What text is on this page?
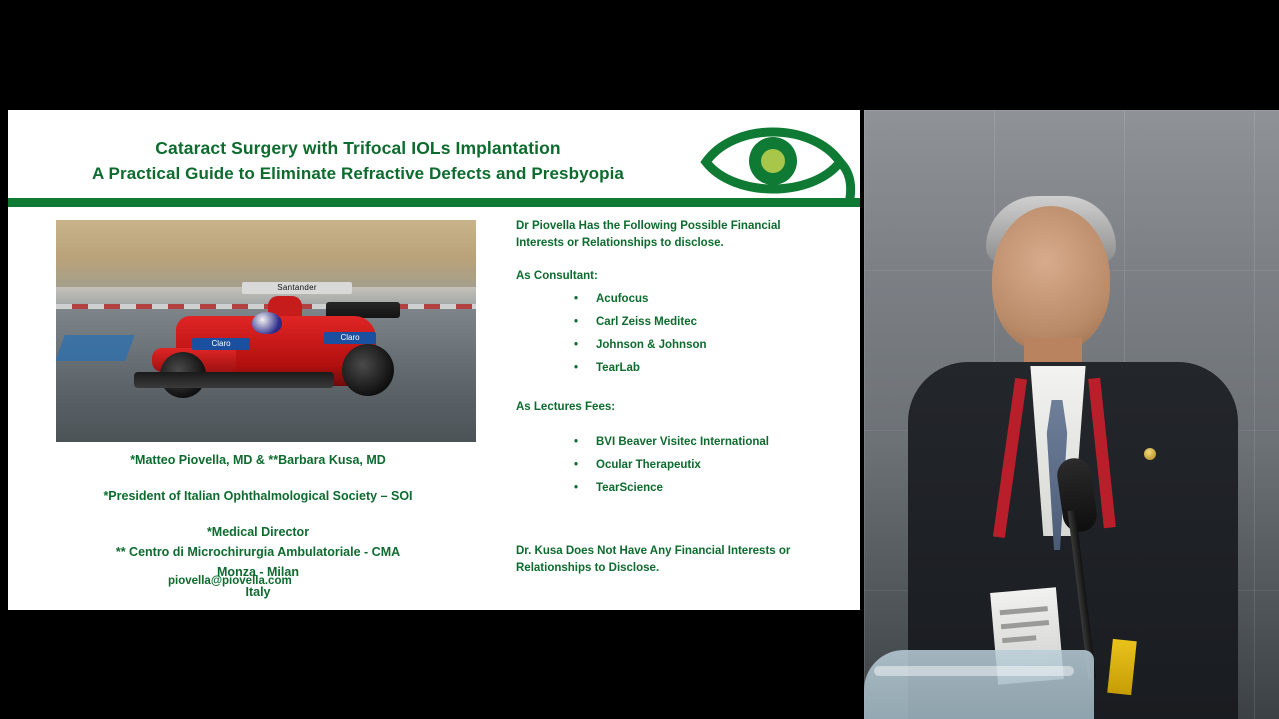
Cataract Surgery with Trifocal IOLs Implantation
A Practical Guide to Eliminate Refractive Defects and Presbyopia
Santander
Claro
Claro
*Matteo Piovella, MD & **Barbara Kusa, MD
*President of Italian Ophthalmological Society – SOI
*Medical Director
** Centro di Microchirurgia Ambulatoriale - CMA
Monza - Milan
Italy
Dr Piovella Has the Following Possible Financial
Interests or Relationships to disclose.
As Consultant:
• Acufocus
• Carl Zeiss Meditec
• Johnson & Johnson
• TearLab
As Lectures Fees:
• BVI Beaver Visitec International
• Ocular Therapeutix
• TearScience
Dr. Kusa Does Not Have Any Financial Interests or
Relationships to Disclose.
piovella@piovella.com
